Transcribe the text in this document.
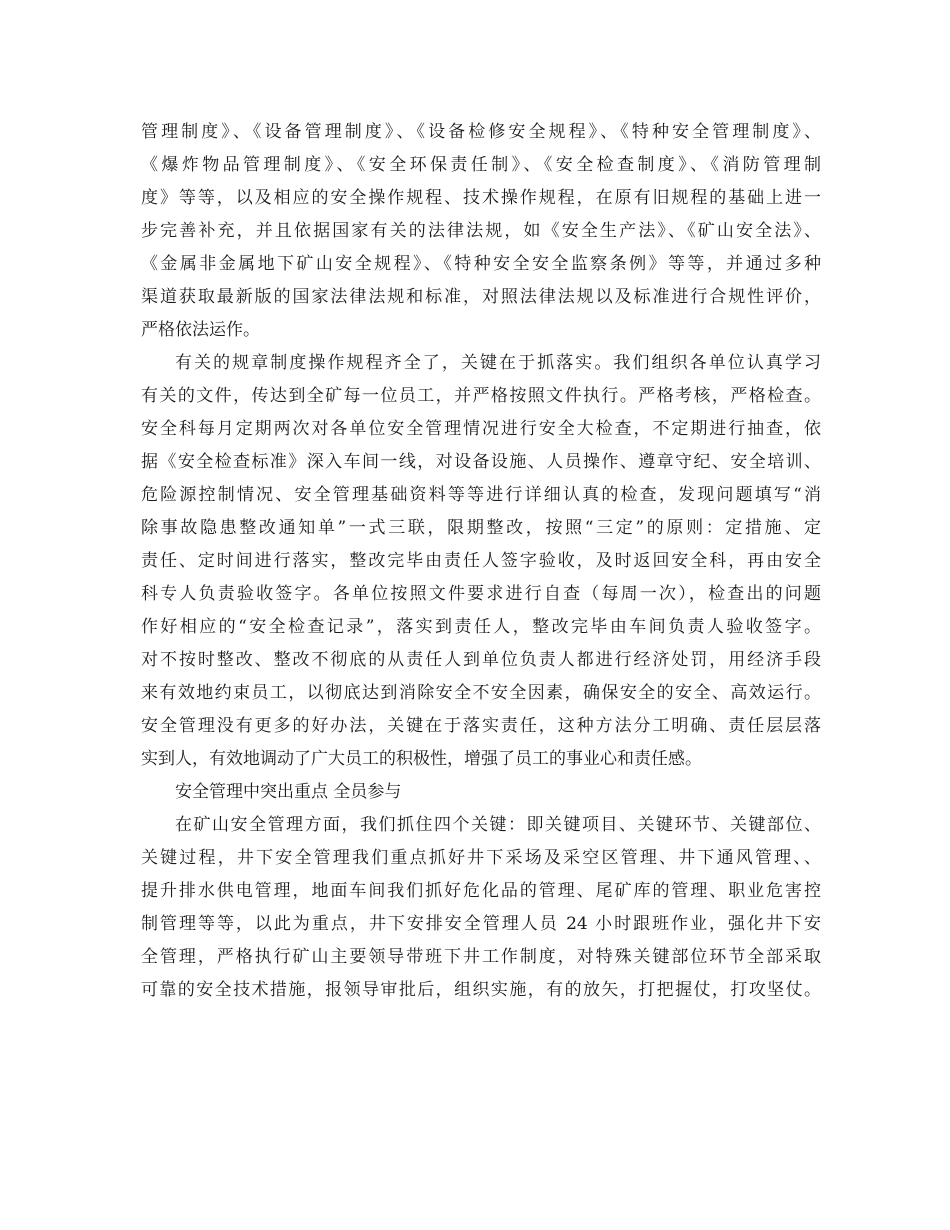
管理制度》、《设备管理制度》、《设备检修安全规程》、《特种安全管理制度》、
《爆炸物品管理制度》、《安全环保责任制》、《安全检查制度》、《消防管理制
度》等等，以及相应的安全操作规程、技术操作规程，在原有旧规程的基础上进一
步完善补充，并且依据国家有关的法律法规，如《安全生产法》、《矿山安全法》、
《金属非金属地下矿山安全规程》、《特种安全安全监察条例》等等，并通过多种
渠道获取最新版的国家法律法规和标准，对照法律法规以及标准进行合规性评价，
严格依法运作。
有关的规章制度操作规程齐全了，关键在于抓落实。我们组织各单位认真学习
有关的文件，传达到全矿每一位员工，并严格按照文件执行。严格考核，严格检查。
安全科每月定期两次对各单位安全管理情况进行安全大检查，不定期进行抽查，依
据《安全检查标准》深入车间一线，对设备设施、人员操作、遵章守纪、安全培训、
危险源控制情况、安全管理基础资料等等进行详细认真的检查，发现问题填写“消
除事故隐患整改通知单”一式三联，限期整改，按照“三定”的原则：定措施、定
责任、定时间进行落实，整改完毕由责任人签字验收，及时返回安全科，再由安全
科专人负责验收签字。各单位按照文件要求进行自查（每周一次），检查出的问题
作好相应的“安全检查记录”，落实到责任人，整改完毕由车间负责人验收签字。
对不按时整改、整改不彻底的从责任人到单位负责人都进行经济处罚，用经济手段
来有效地约束员工，以彻底达到消除安全不安全因素，确保安全的安全、高效运行。
安全管理没有更多的好办法，关键在于落实责任，这种方法分工明确、责任层层落
实到人，有效地调动了广大员工的积极性，增强了员工的事业心和责任感。
安全管理中突出重点 全员参与
在矿山安全管理方面，我们抓住四个关键：即关键项目、关键环节、关键部位、
关键过程，井下安全管理我们重点抓好井下采场及采空区管理、井下通风管理、、
提升排水供电管理，地面车间我们抓好危化品的管理、尾矿库的管理、职业危害控
制管理等等，以此为重点，井下安排安全管理人员 24 小时跟班作业，强化井下安
全管理，严格执行矿山主要领导带班下井工作制度，对特殊关键部位环节全部采取
可靠的安全技术措施，报领导审批后，组织实施，有的放矢，打把握仗，打攻坚仗。
